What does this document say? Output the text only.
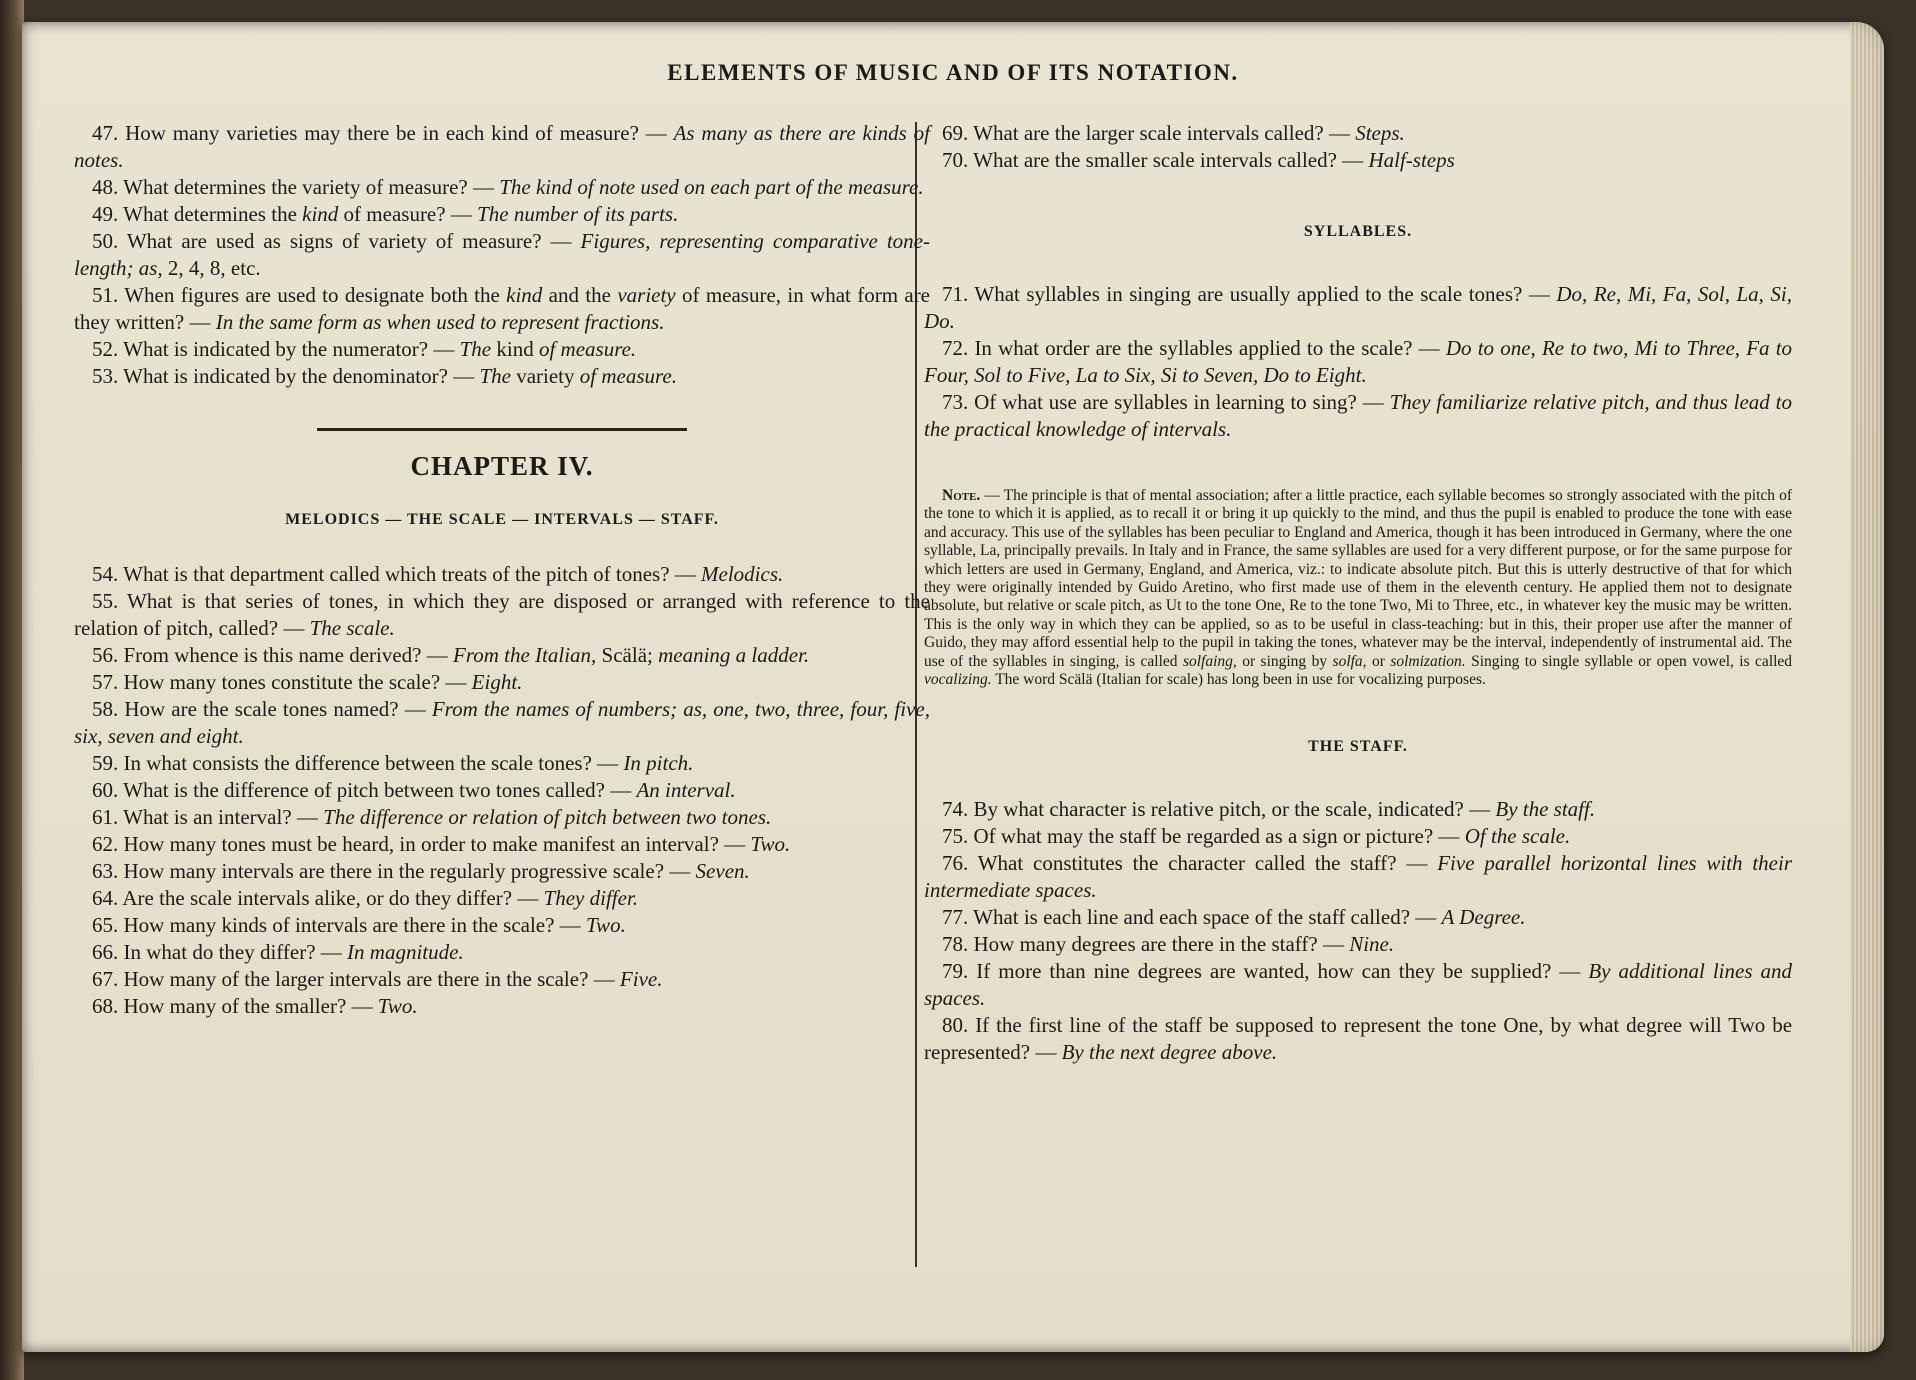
ELEMENTS OF MUSIC AND OF ITS NOTATION.

47. How many varieties may there be in each kind of measure? — As many as there are kinds of notes.

48. What determines the variety of measure? — The kind of note used on each part of the measure.

49. What determines the kind of measure? — The number of its parts.

50. What are used as signs of variety of measure? — Figures, representing comparative tone-length; as, 2, 4, 8, etc.

51. When figures are used to designate both the kind and the variety of measure, in what form are they written? — In the same form as when used to represent fractions.

52. What is indicated by the numerator? — The kind of measure.

53. What is indicated by the denominator? — The variety of measure.

CHAPTER IV.
MELODICS — THE SCALE — INTERVALS — STAFF.

54. What is that department called which treats of the pitch of tones? — Melodics.

55. What is that series of tones, in which they are disposed or arranged with reference to the relation of pitch, called? — The scale.

56. From whence is this name derived? — From the Italian, Scälä; meaning a ladder.

57. How many tones constitute the scale? — Eight.

58. How are the scale tones named? — From the names of numbers; as, one, two, three, four, five, six, seven and eight.

59. In what consists the difference between the scale tones? — In pitch.

60. What is the difference of pitch between two tones called? — An interval.

61. What is an interval? — The difference or relation of pitch between two tones.

62. How many tones must be heard, in order to make manifest an interval? — Two.

63. How many intervals are there in the regularly progressive scale? — Seven.

64. Are the scale intervals alike, or do they differ? — They differ.

65. How many kinds of intervals are there in the scale? — Two.

66. In what do they differ? — In magnitude.

67. How many of the larger intervals are there in the scale? — Five.

68. How many of the smaller? — Two.

69. What are the larger scale intervals called? — Steps.

70. What are the smaller scale intervals called? — Half-steps

SYLLABLES.

71. What syllables in singing are usually applied to the scale tones? — Do, Re, Mi, Fa, Sol, La, Si, Do.

72. In what order are the syllables applied to the scale? — Do to one, Re to two, Mi to Three, Fa to Four, Sol to Five, La to Six, Si to Seven, Do to Eight.

73. Of what use are syllables in learning to sing? — They familiarize relative pitch, and thus lead to the practical knowledge of intervals.

Note. — The principle is that of mental association; after a little practice, each syllable becomes so strongly associated with the pitch of the tone to which it is applied, as to recall it or bring it up quickly to the mind, and thus the pupil is enabled to produce the tone with ease and accuracy. This use of the syllables has been peculiar to England and America, though it has been introduced in Germany, where the one syllable, La, principally prevails. In Italy and in France, the same syllables are used for a very different purpose, or for the same purpose for which letters are used in Germany, England, and America, viz.: to indicate absolute pitch. But this is utterly destructive of that for which they were originally intended by Guido Aretino, who first made use of them in the eleventh century. He applied them not to designate absolute, but relative or scale pitch, as Ut to the tone One, Re to the tone Two, Mi to Three, etc., in whatever key the music may be written. This is the only way in which they can be applied, so as to be useful in class-teaching: but in this, their proper use after the manner of Guido, they may afford essential help to the pupil in taking the tones, whatever may be the interval, independently of instrumental aid. The use of the syllables in singing, is called solfaing, or singing by solfa, or solmization. Singing to single syllable or open vowel, is called vocalizing. The word Scälä (Italian for scale) has long been in use for vocalizing purposes.

THE STAFF.

74. By what character is relative pitch, or the scale, indicated? — By the staff.

75. Of what may the staff be regarded as a sign or picture? — Of the scale.

76. What constitutes the character called the staff? — Five parallel horizontal lines with their intermediate spaces.

77. What is each line and each space of the staff called? — A Degree.

78. How many degrees are there in the staff? — Nine.

79. If more than nine degrees are wanted, how can they be supplied? — By additional lines and spaces.

80. If the first line of the staff be supposed to represent the tone One, by what degree will Two be represented? — By the next degree above.
